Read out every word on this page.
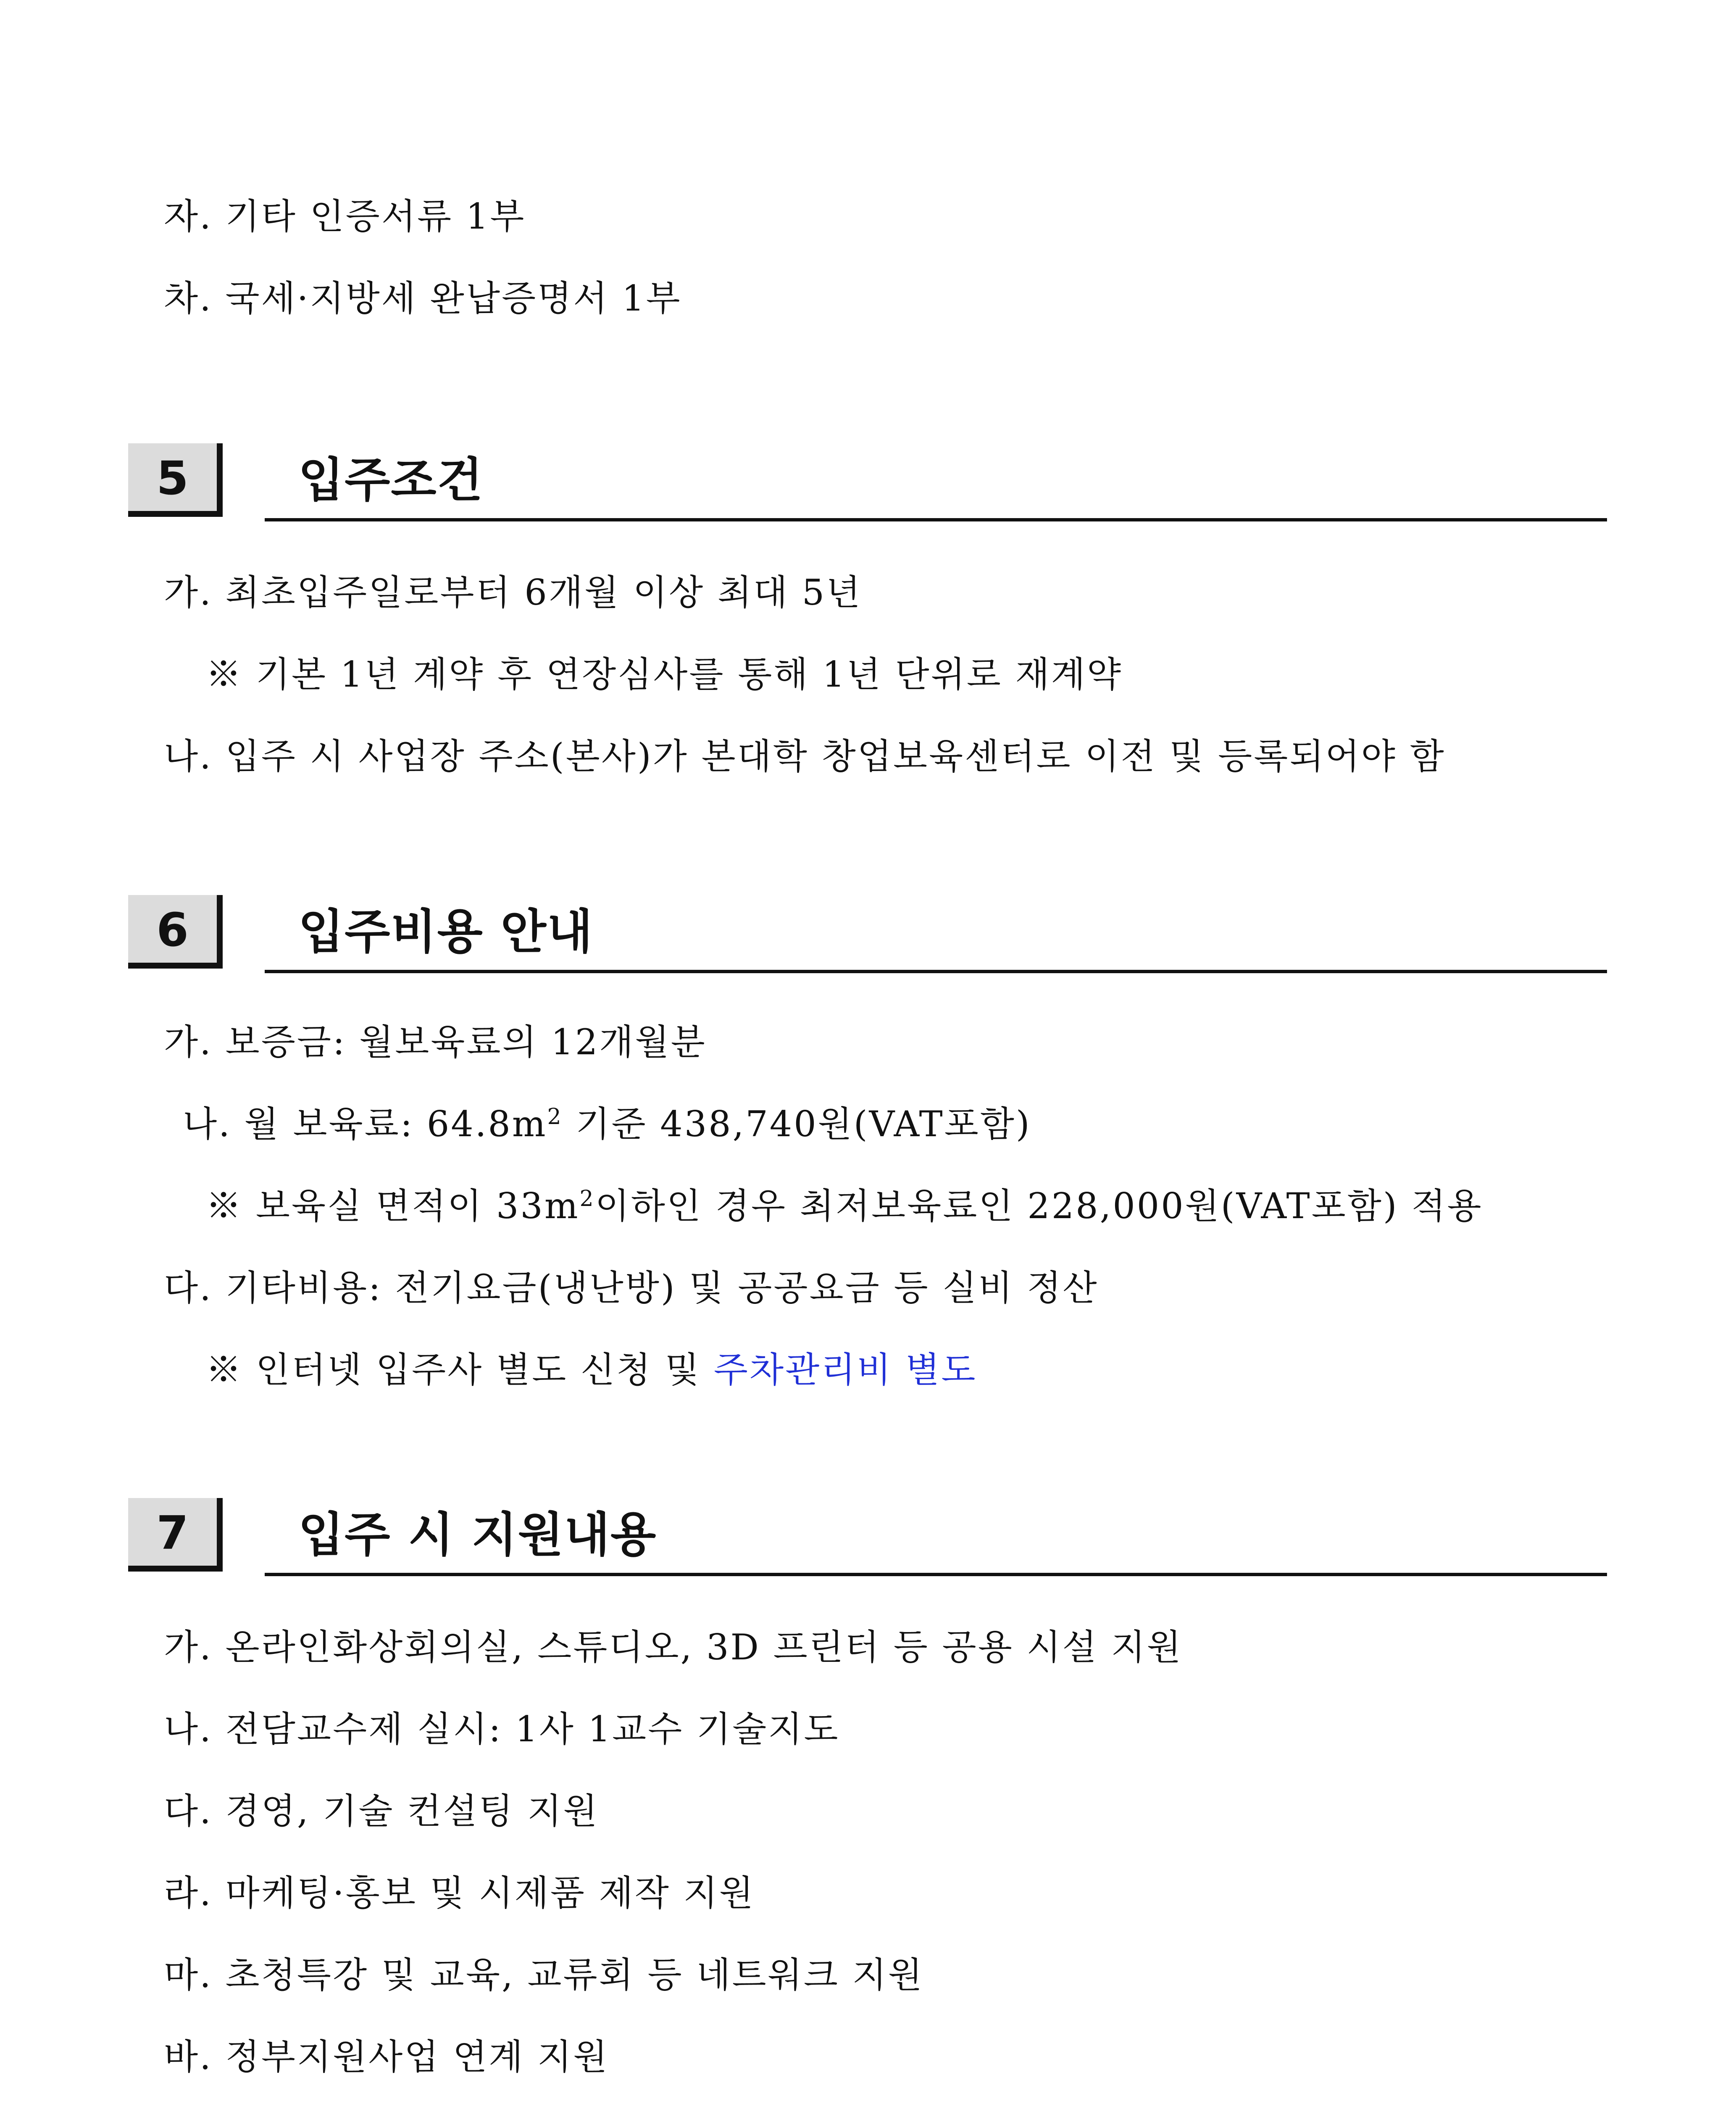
자. 기타 인증서류 1부
차. 국세·지방세 완납증명서 1부
5	입주조건
가. 최초입주일로부터 6개월 이상 최대 5년
※ 기본 1년 계약 후 연장심사를 통해 1년 단위로 재계약
나. 입주 시 사업장 주소(본사)가 본대학 창업보육센터로 이전 및 등록되어야 함
6	입주비용 안내
가. 보증금: 월보육료의 12개월분
나. 월 보육료: $64.8m^2$ 기준 438,740원(VAT포함)
※ 보육실 면적이 $33m^2$이하인 경우 최저보육료인 228,000원(VAT포함) 적용
다. 기타비용: 전기요금(냉난방) 및 공공요금 등 실비 정산
※ 인터넷 입주사 별도 신청 및 주차관리비 별도
7	입주 시 지원내용
가. 온라인화상회의실, 스튜디오, 3D 프린터 등 공용 시설 지원
나. 전담교수제 실시: 1사 1교수 기술지도
다. 경영, 기술 컨설팅 지원
라. 마케팅·홍보 및 시제품 제작 지원
마. 초청특강 및 교육, 교류회 등 네트워크 지원
바. 정부지원사업 연계 지원
